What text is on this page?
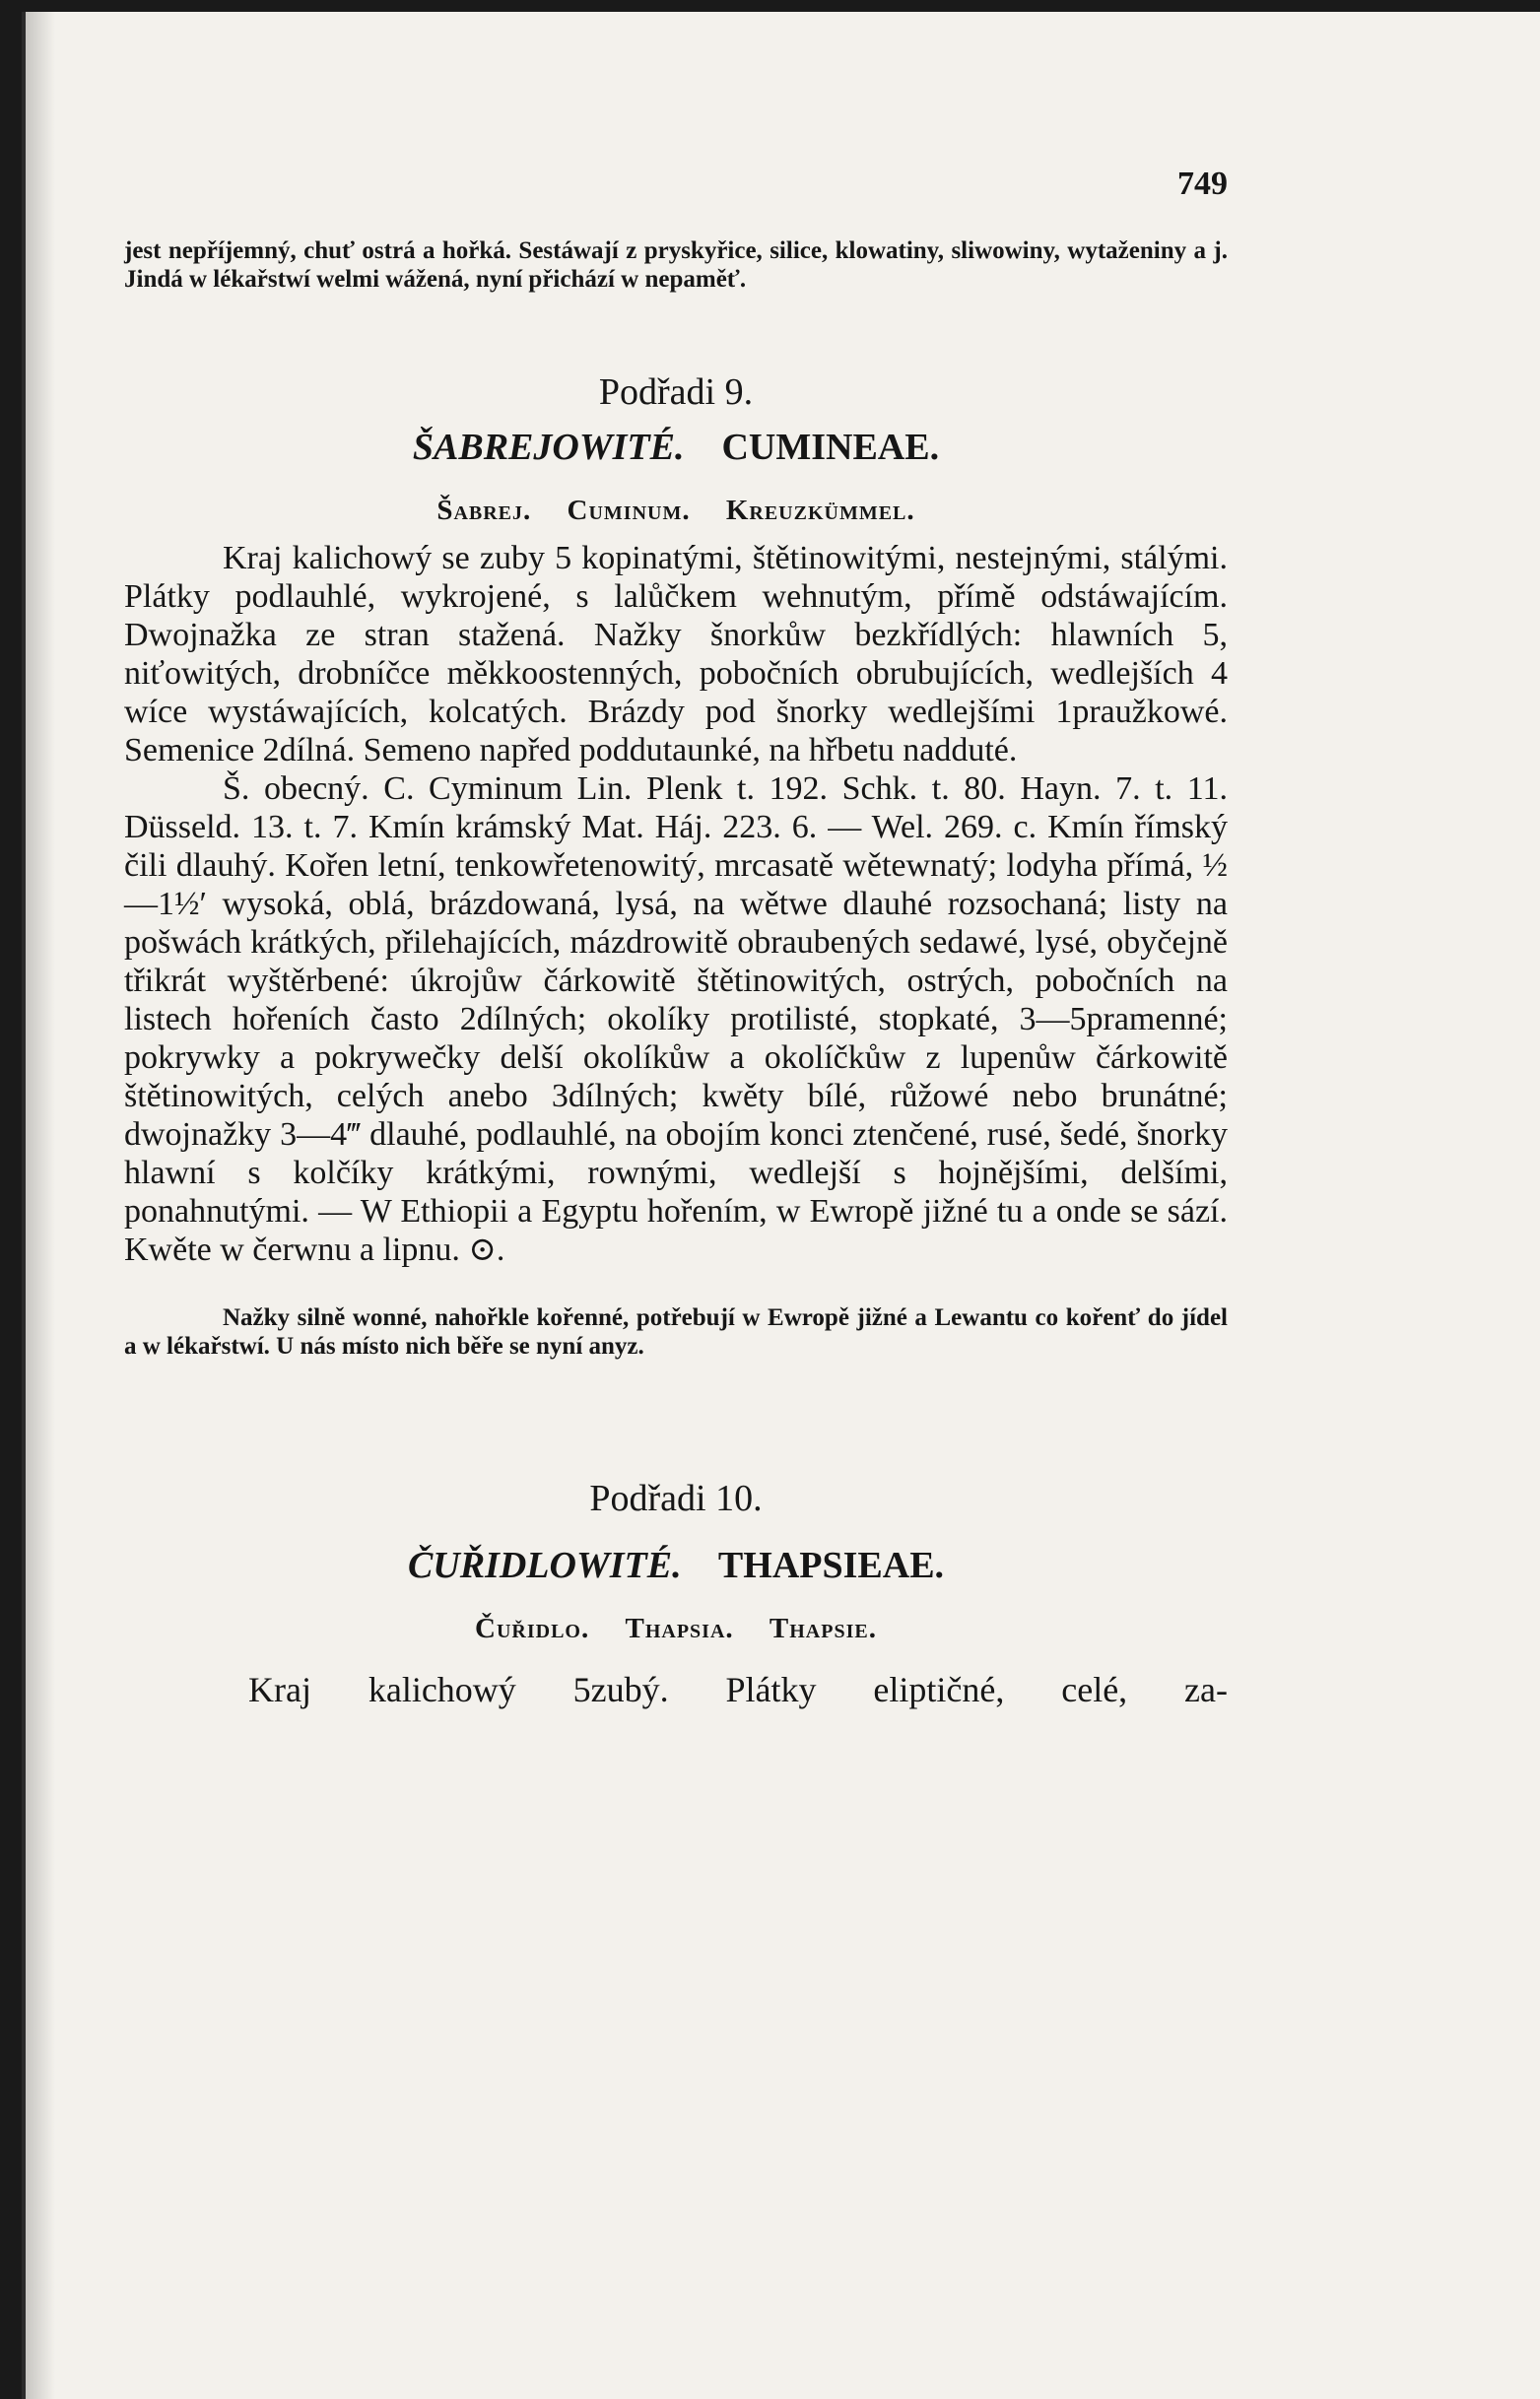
749

jest nepříjemný, chuť ostrá a hořká. Sestáwají z pryskyřice, silice, klowatiny, sliwowiny, wytaženiny a j. Jindá w lékařstwí welmi wážená, nyní přichází w nepaměť.

Podřadi 9.

ŠABREJOWITÉ. CUMINEAE.

Šabrej. Cuminum. Kreuzkümmel.

Kraj kalichowý se zuby 5 kopinatými, štětinowitými, nestejnými, stálými. Plátky podlauhlé, wykrojené, s lalůčkem wehnutým, přímě odstáwajícím. Dwojnažka ze stran stažená. Nažky šnorkůw bezkřídlých: hlawních 5, niťowitých, drobníčce měkkoostenných, pobočních obrubujících, wedlejších 4 wíce wystáwajících, kolcatých. Brázdy pod šnorky wedlejšími 1praužkowé. Semenice 2dílná. Semeno napřed poddutaunké, na hřbetu nadduté.

Š. obecný. C. Cyminum Lin. Plenk t. 192. Schk. t. 80. Hayn. 7. t. 11. Düsseld. 13. t. 7. Kmín krámský Mat. Háj. 223. 6. — Wel. 269. c. Kmín římský čili dlauhý. Kořen letní, tenkowřetenowitý, mrcasatě wětewnatý; lodyha přímá, ½—1½′ wysoká, oblá, brázdowaná, lysá, na wětwe dlauhé rozsochaná; listy na pošwách krátkých, přilehajících, mázdrowitě obraubených sedawé, lysé, obyčejně třikrát wyštěrbené: úkrojůw čárkowitě štětinowitých, ostrých, pobočních na listech hořeních často 2dílných; okolíky protilisté, stopkaté, 3—5pramenné; pokrywky a pokrywečky delší okolíkůw a okolíčkůw z lupenůw čárkowitě štětinowitých, celých anebo 3dílných; kwěty bílé, růžowé nebo brunátné; dwojnažky 3—4‴ dlauhé, podlauhlé, na obojím konci ztenčené, rusé, šedé, šnorky hlawní s kolčíky krátkými, rownými, wedlejší s hojnějšími, delšími, ponahnutými. — W Ethiopii a Egyptu hořením, w Ewropě jižné tu a onde se sází. Kwěte w čerwnu a lipnu. ⊙.

Nažky silně wonné, nahořkle kořenné, potřebují w Ewropě jižné a Lewantu co kořenť do jídel a w lékařstwí. U nás místo nich běře se nyní anyz.

Podřadi 10.

ČUŘIDLOWITÉ. THAPSIEAE.

Čuřidlo. Thapsia. Thapsie.

Kraj kalichowý 5zubý. Plátky eliptičné, celé, za-
